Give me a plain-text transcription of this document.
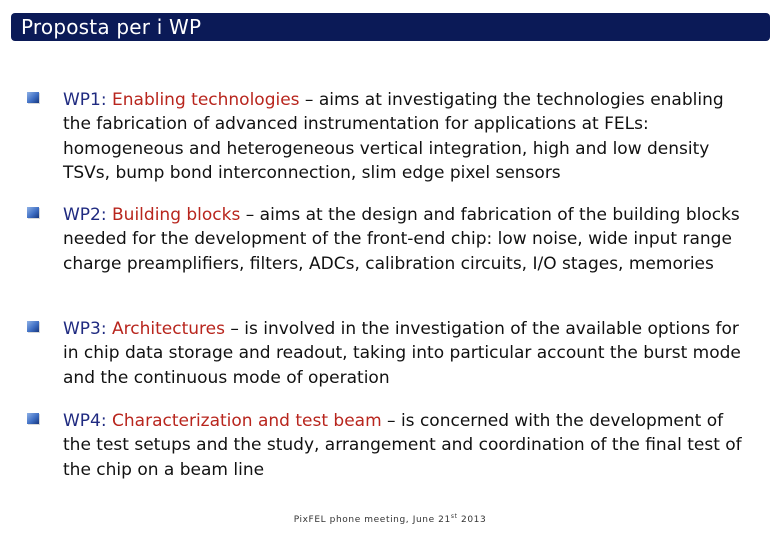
Proposta per i WP
WP1: Enabling technologies – aims at investigating the technologies enabling the fabrication of advanced instrumentation for applications at FELs: homogeneous and heterogeneous vertical integration, high and low density TSVs, bump bond interconnection, slim edge pixel sensors
WP2: Building blocks – aims at the design and fabrication of the building blocks needed for the development of the front-end chip: low noise, wide input range charge preamplifiers, filters, ADCs, calibration circuits, I/O stages, memories
WP3: Architectures – is involved in the investigation of the available options for in chip data storage and readout, taking into particular account the burst mode and the continuous mode of operation
WP4: Characterization and test beam – is concerned with the development of the test setups and the study, arrangement and coordination of the final test of the chip on a beam line
PixFEL phone meeting, June 21st 2013
